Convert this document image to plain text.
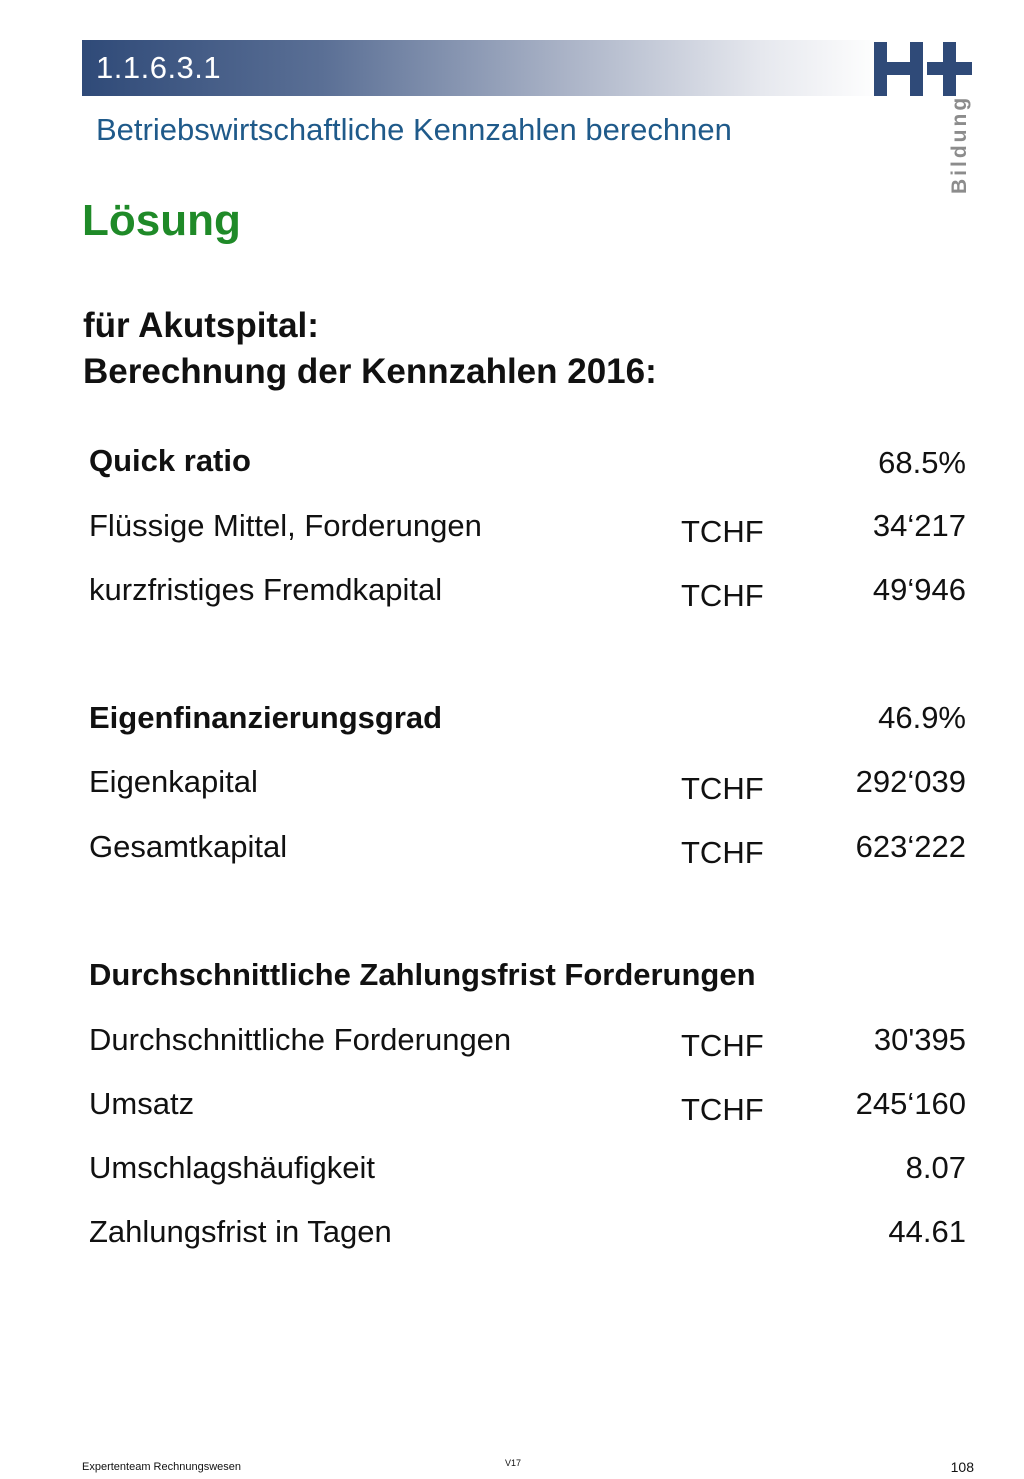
1.1.6.3.1
Betriebswirtschaftliche Kennzahlen berechnen	Bildung
Lösung
für Akutspital:
Berechnung der Kennzahlen 2016:
Quick ratio	68.5%
Flüssige Mittel, Forderungen	TCHF	34‘217
kurzfristiges Fremdkapital	TCHF	49‘946
Eigenfinanzierungsgrad	46.9%
Eigenkapital	TCHF	292‘039
Gesamtkapital	TCHF	623‘222
Durchschnittliche Zahlungsfrist Forderungen
Durchschnittliche Forderungen	TCHF	30'395
Umsatz	TCHF	245‘160
Umschlagshäufigkeit	8.07
Zahlungsfrist in Tagen	44.61
Expertenteam Rechnungswesen	V17	108
